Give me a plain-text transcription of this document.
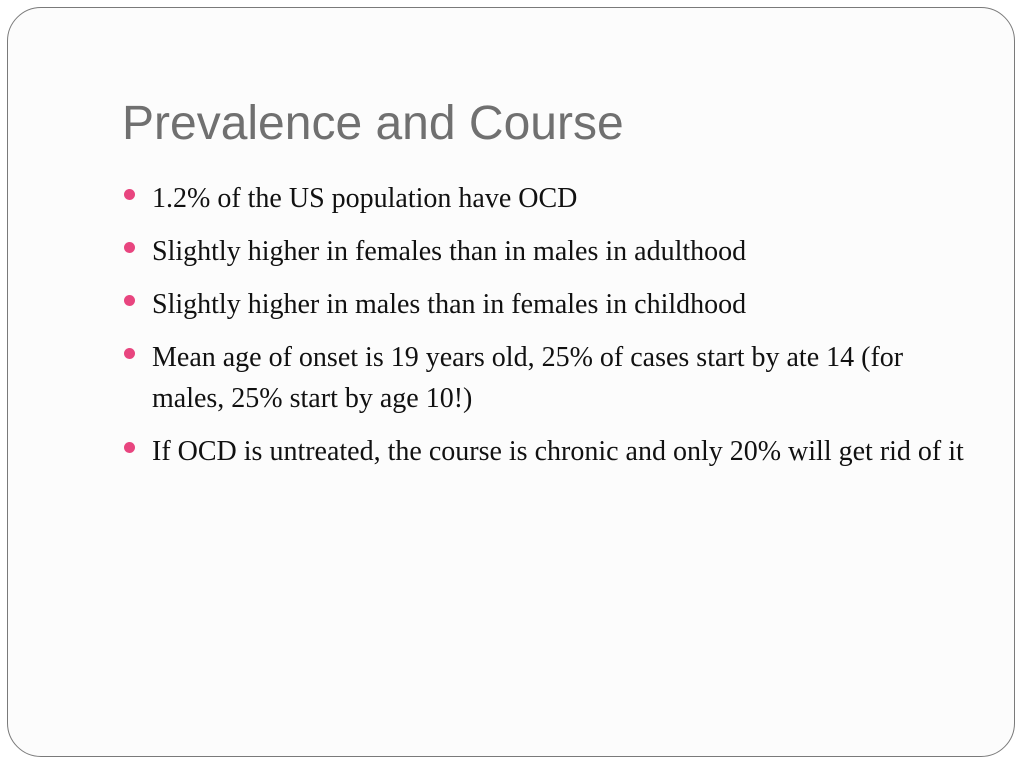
Prevalence and Course
1.2% of the US population have OCD
Slightly higher in females than in males in adulthood
Slightly higher in males than in females in childhood
Mean age of onset is 19 years old, 25% of cases start by ate 14 (for males, 25% start by age 10!)
If OCD is untreated, the course is chronic and only 20% will get rid of it
